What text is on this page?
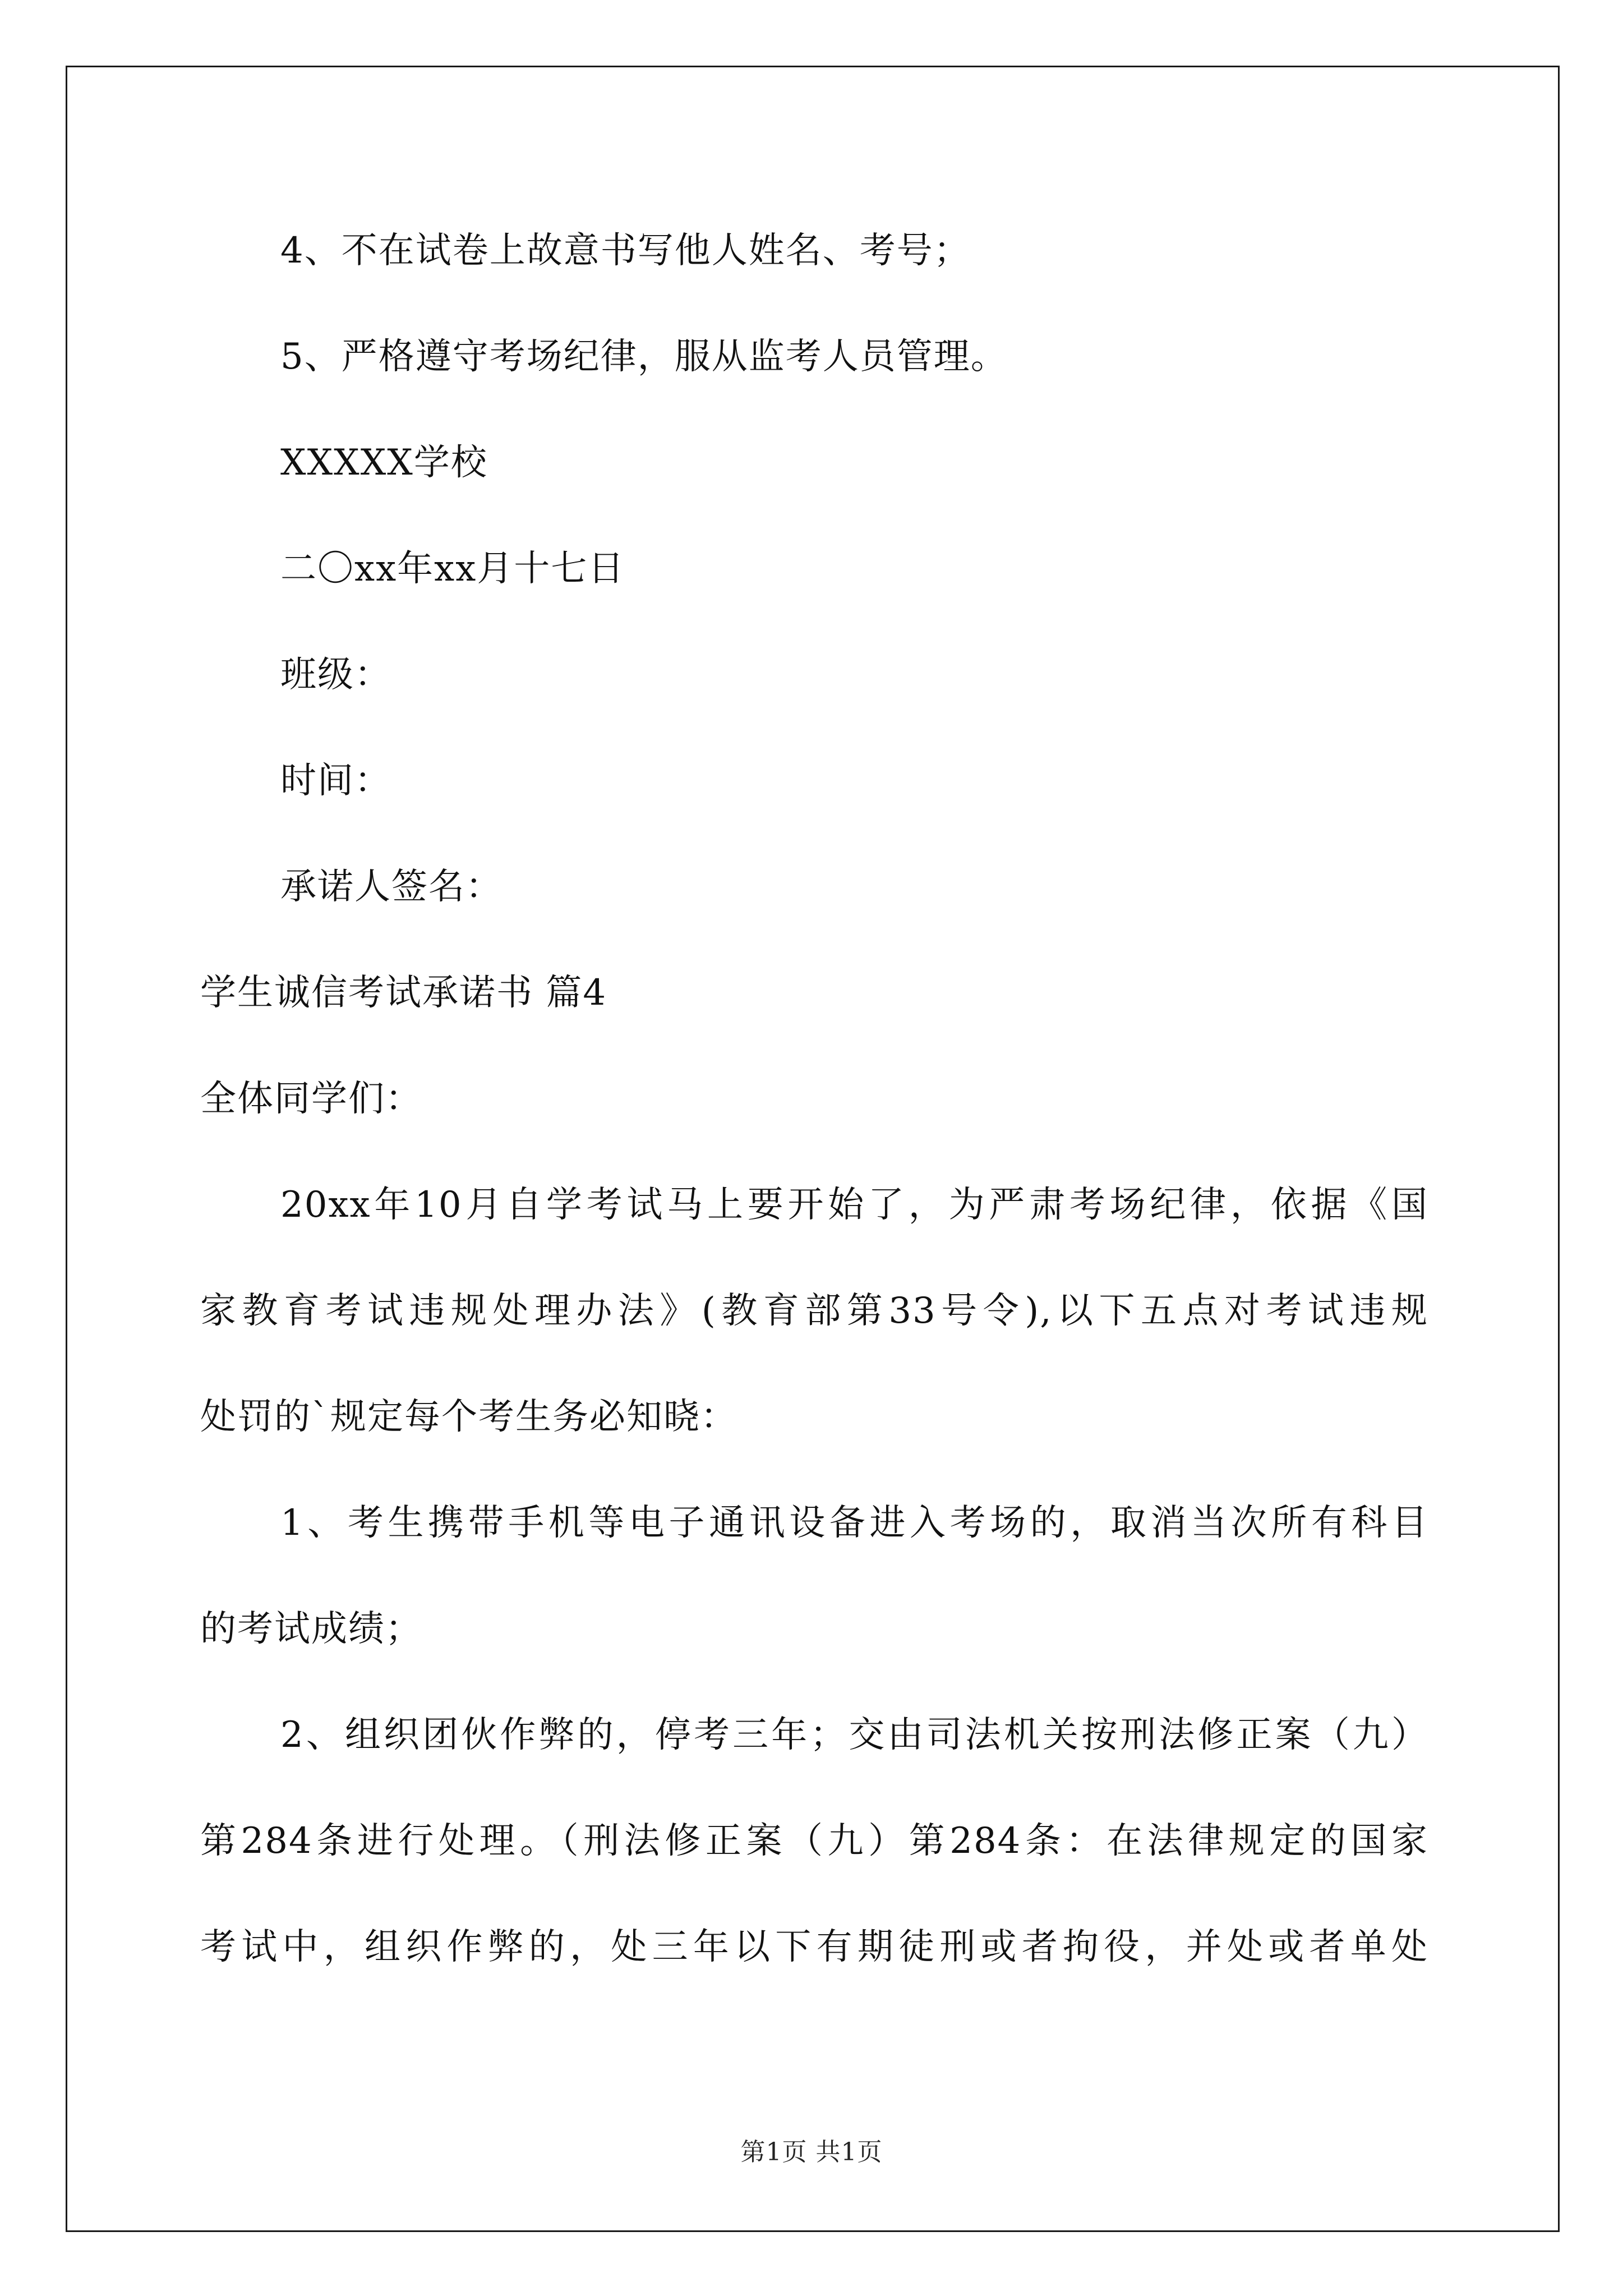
4、不在试卷上故意书写他人姓名、考号；
5、严格遵守考场纪律，服从监考人员管理。
XXXXX学校
二〇xx年xx月十七日
班级：
时间：
承诺人签名：
学生诚信考试承诺书 篇4
全体同学们：
20xx年10月自学考试马上要开始了，为严肃考场纪律，依据《国
家教育考试违规处理办法》(教育部第33号令),以下五点对考试违规
处罚的`规定每个考生务必知晓：
1、考生携带手机等电子通讯设备进入考场的，取消当次所有科目
的考试成绩；
2、组织团伙作弊的，停考三年；交由司法机关按刑法修正案（九）
第284条进行处理。（刑法修正案（九）第284条：在法律规定的国家
考试中，组织作弊的，处三年以下有期徒刑或者拘役，并处或者单处
第1页 共1页
